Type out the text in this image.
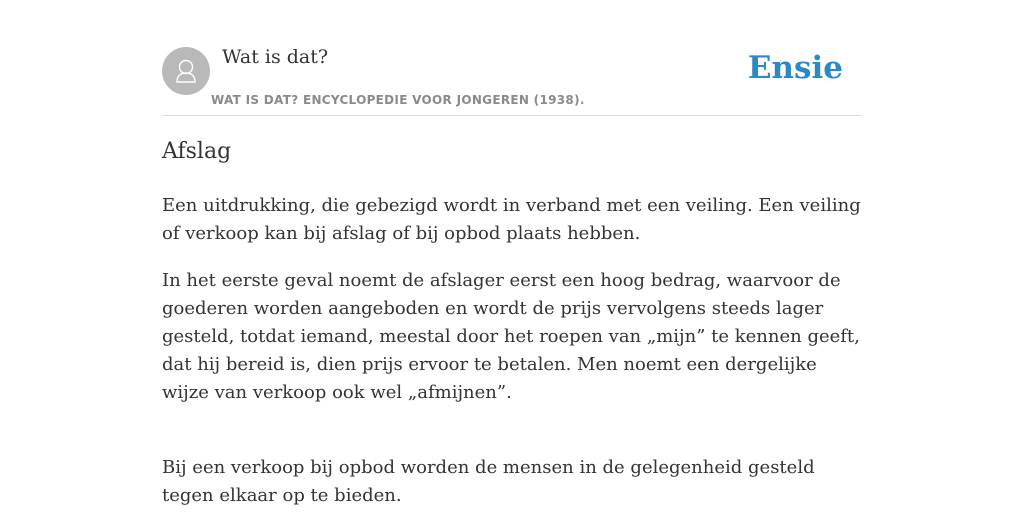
Wat is dat?
WAT IS DAT? ENCYCLOPEDIE VOOR JONGEREN (1938).
Ensie
Afslag

Een uitdrukking, die gebezigd wordt in verband met een veiling. Een veiling of verkoop kan bij afslag of bij opbod plaats hebben.

In het eerste geval noemt de afslager eerst een hoog bedrag, waarvoor de goederen worden aangeboden en wordt de prijs vervolgens steeds lager gesteld, totdat iemand, meestal door het roepen van „mijn” te kennen geeft, dat hij bereid is, dien prijs ervoor te betalen. Men noemt een dergelijke wijze van verkoop ook wel „afmijnen”.

Bij een verkoop bij opbod worden de mensen in de gelegenheid gesteld tegen elkaar op te bieden.
